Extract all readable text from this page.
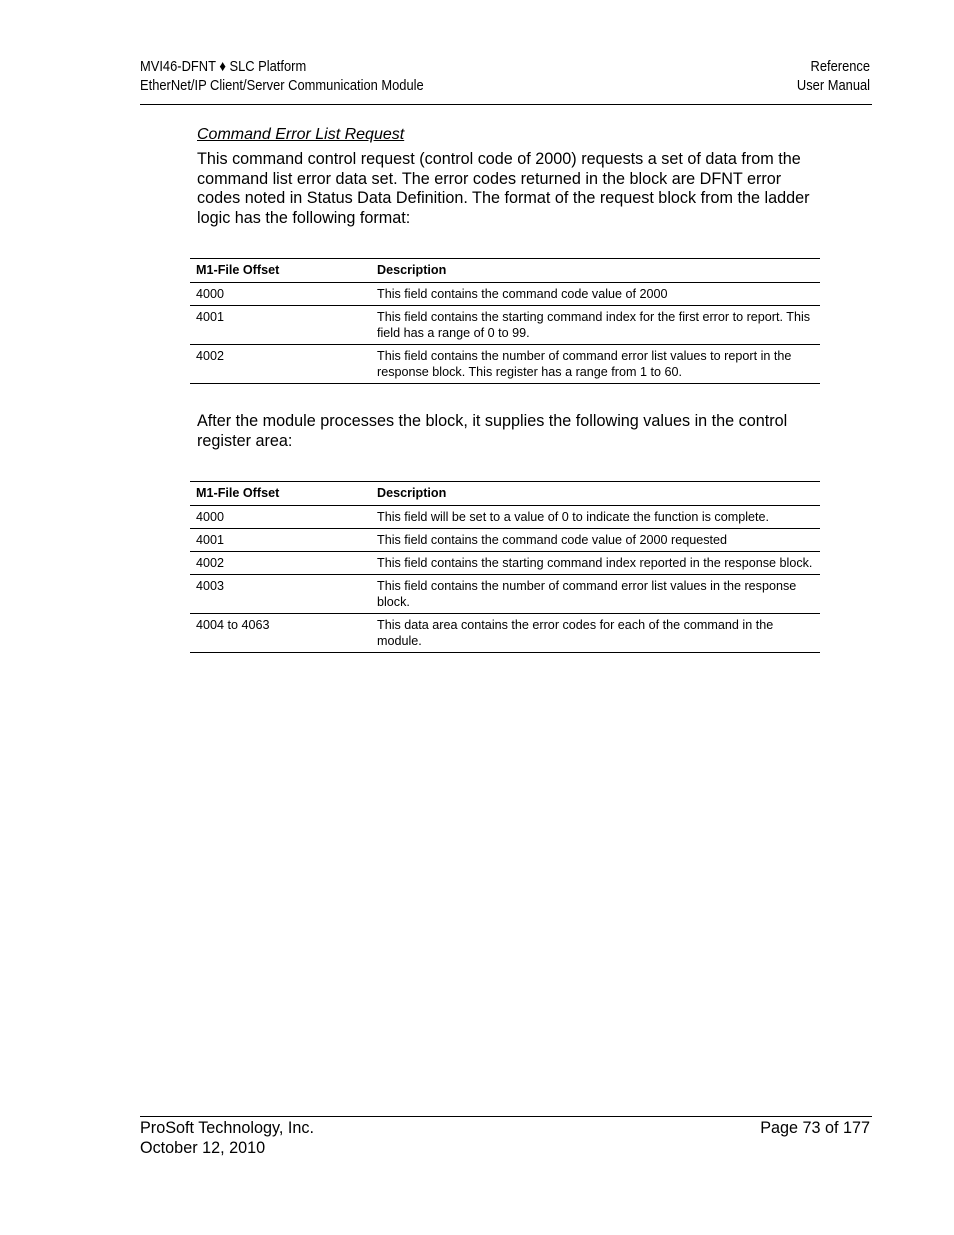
MVI46-DFNT ♦ SLC Platform
EtherNet/IP Client/Server Communication Module
Reference
User Manual
Command Error List Request
This command control request (control code of 2000) requests a set of data from the command list error data set. The error codes returned in the block are DFNT error codes noted in Status Data Definition. The format of the request block from the ladder logic has the following format:
M1-File Offset	Description
4000	This field contains the command code value of 2000
4001	This field contains the starting command index for the first error to report. This field has a range of 0 to 99.
4002	This field contains the number of command error list values to report in the response block. This register has a range from 1 to 60.
After the module processes the block, it supplies the following values in the control register area:
M1-File Offset	Description
4000	This field will be set to a value of 0 to indicate the function is complete.
4001	This field contains the command code value of 2000 requested
4002	This field contains the starting command index reported in the response block.
4003	This field contains the number of command error list values in the response block.
4004 to 4063	This data area contains the error codes for each of the command in the module.
ProSoft Technology, Inc.
October 12, 2010
Page 73 of 177
